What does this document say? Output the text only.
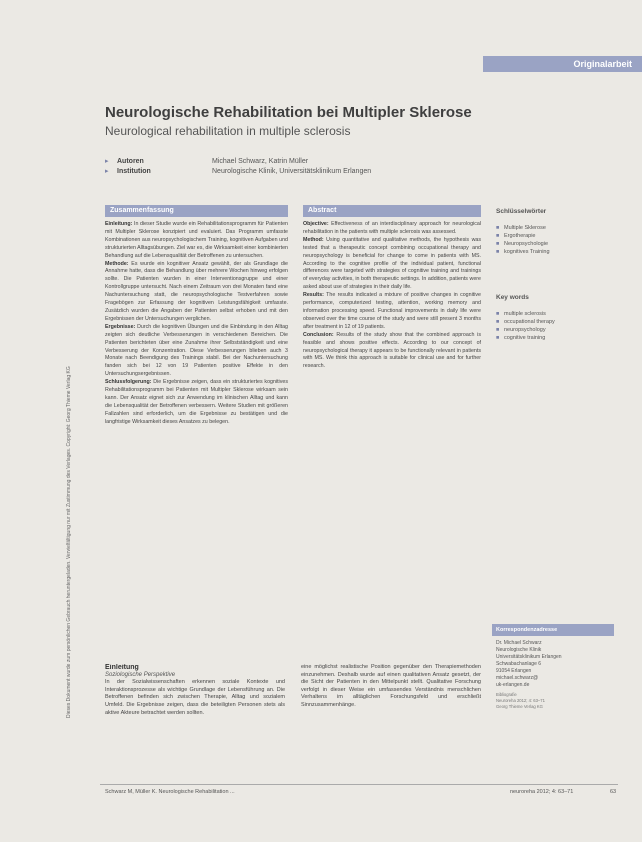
Originalarbeit
Dieses Dokument wurde zum persönlichen Gebrauch heruntergeladen. Vervielfältigung nur mit Zustimmung des Verlages. Copyright: Georg Thieme Verlag KG
Neurologische Rehabilitation bei Multipler Sklerose
Neurological rehabilitation in multiple sclerosis
▸	Autoren	Michael Schwarz, Katrin Müller
▸	Institution	Neurologische Klinik, Universitätsklinikum Erlangen
Zusammenfassung

Einleitung: In dieser Studie wurde ein Rehabilitationsprogramm für Patienten mit Multipler Sklerose konzipiert und evaluiert. Das Programm umfasste Kombinationen aus neuropsychologischem Training, kognitiven Aufgaben und strukturierten Alltagsübungen. Ziel war es, die Wirksamkeit einer kombinierten Behandlung auf die Lebensqualität der Betroffenen zu untersuchen.

Methode: Es wurde ein kognitiver Ansatz gewählt, der als Grundlage die Annahme hatte, dass die Behandlung über mehrere Wochen hinweg erfolgen sollte. Die Patienten wurden in einer Interventionsgruppe und einer Kontrollgruppe untersucht. Nach einem Zeitraum von drei Monaten fand eine Nachuntersuchung statt, die neuropsychologische Testverfahren sowie Fragebögen zur Erfassung der kognitiven Leistungsfähigkeit umfasste. Zusätzlich wurden die Angaben der Patienten selbst erhoben und mit den Ergebnissen der Untersuchungen verglichen.

Ergebnisse: Durch die kognitiven Übungen und die Einbindung in den Alltag zeigten sich deutliche Verbesserungen in verschiedenen Bereichen. Die Patienten berichteten über eine Zunahme ihrer Selbstständigkeit und eine Verbesserung der Konzentration. Diese Verbesserungen blieben auch 3 Monate nach Beendigung des Trainings stabil. Bei der Nachuntersuchung fanden sich bei 12 von 19 Patienten positive Effekte in den Untersuchungsergebnissen.

Schlussfolgerung: Die Ergebnisse zeigen, dass ein strukturiertes kognitives Rehabilitationsprogramm bei Patienten mit Multipler Sklerose wirksam sein kann. Der Ansatz eignet sich zur Anwendung im klinischen Alltag und kann die Lebensqualität der Betroffenen verbessern. Weitere Studien mit größeren Fallzahlen sind erforderlich, um die Ergebnisse zu bestätigen und die langfristige Wirksamkeit dieses Ansatzes zu belegen.

Abstract

Objective: Effectiveness of an interdisciplinary approach for neurological rehabilitation in the patients with multiple sclerosis was assessed.

Method: Using quantitative and qualitative methods, the hypothesis was tested that a therapeutic concept combining occupational therapy and neuropsychology is beneficial for change to come in patients with MS. According to the cognitive profile of the individual patient, functional differences were targeted with strategies of cognitive training and trainings of everyday activities, in both therapeutic settings. In addition, patients were asked about use of strategies in their daily life.

Results: The results indicated a mixture of positive changes in cognitive performance, computerized testing, attention, working memory and information processing speed. Functional improvements in daily life were observed over the time course of the study and were still present 3 months after treatment in 12 of 19 patients.

Conclusion: Results of the study show that the combined approach is feasible and shows positive effects. According to our concept of neuropsychological therapy it appears to be functionally relevant in patients with MS. We think this approach is suitable for clinical use and for further research.

Schlüsselwörter
■ Multiple Sklerose
■ Ergotherapie
■ Neuropsychologie
■ kognitives Training
Key words
■ multiple sclerosis
■ occupational therapy
■ neuropsychology
■ cognitive training
Korrespondenzadresse
Dr. Michael Schwarz
Neurologische Klinik
Universitätsklinikum Erlangen
Schwabachanlage 6
91054 Erlangen
michael.schwarz@
uk-erlangen.de
Bibliografie
Neuroreha 2012; 4: 63–71
Georg Thieme Verlag KG
Einleitung
Soziologische Perspektive
In der Sozialwissenschaften erkennen soziale Kontexte und Interaktionsprozesse als wichtige Grundlage der Lebensführung an. Die Betroffenen befinden sich zwischen Therapie, Alltag und sozialem Umfeld. Die Ergebnisse zeigen, dass die beteiligten Personen stets als aktive Akteure betrachtet werden sollten.
eine möglichst realistische Position gegenüber den Therapiemethoden einzunehmen. Deshalb wurde auf einen qualitativen Ansatz gesetzt, der die Sicht der Patienten in den Mittelpunkt stellt. Qualitative Forschung verfolgt in dieser Weise ein umfassendes Verständnis menschlichen Verhaltens im alltäglichen Forschungsfeld und erschließt Sinnzusammenhänge.
Schwarz M, Müller K. Neurologische Rehabilitation ...	neuroreha 2012; 4: 63–71	63
